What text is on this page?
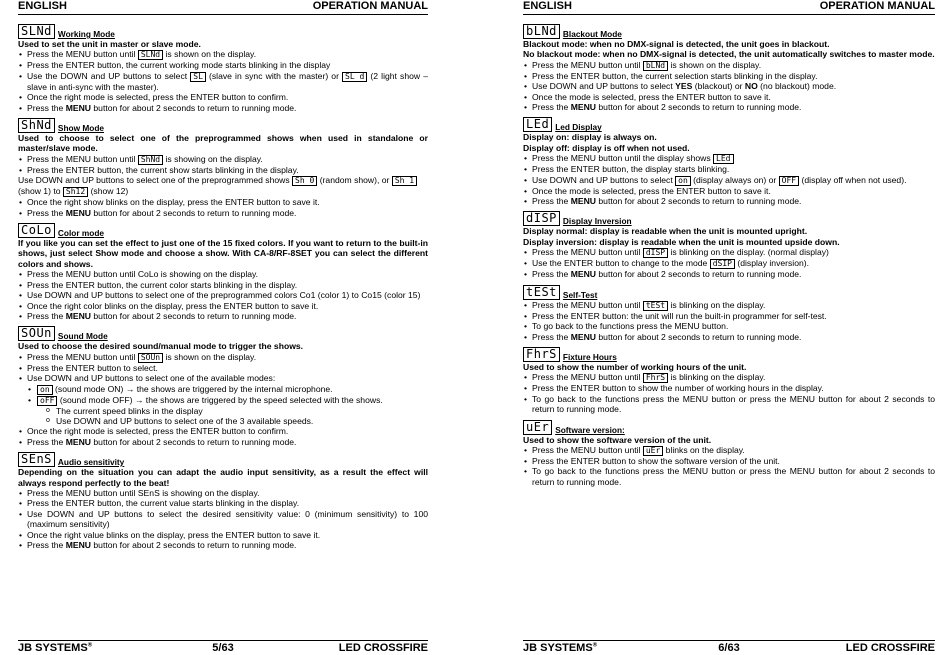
ENGLISH	OPERATION MANUAL
SLNd Working Mode
Used to set the unit in master or slave mode.
• Press the MENU button until SLNd is shown on the display.
• Press the ENTER button, the current working mode starts blinking in the display
• Use the DOWN and UP buttons to select SL (slave in sync with the master) or SL d (2 light show – slave in anti-sync with the master).
• Once the right mode is selected, press the ENTER button to confirm.
• Press the MENU button for about 2 seconds to return to running mode.
ShNd Show Mode
Used to choose to select one of the preprogrammed shows when used in standalone or master/slave mode.
• Press the MENU button until ShNd is showing on the display.
• Press the ENTER button, the current show starts blinking in the display.
Use DOWN and UP buttons to select one of the preprogrammed shows Sh 0 (random show), or Sh 1
(show 1) to Sh12 (show 12)
• Once the right show blinks on the display, press the ENTER button to save it.
• Press the MENU button for about 2 seconds to return to running mode.
CoLo Color mode
If you like you can set the effect to just one of the 15 fixed colors. If you want to return to the built-in shows, just select Show mode and choose a show. With CA-8/RF-8SET you can select the different colors and shows.
• Press the MENU button until CoLo is showing on the display.
• Press the ENTER button, the current color starts blinking in the display.
• Use DOWN and UP buttons to select one of the preprogrammed colors Co1 (color 1) to Co15 (color 15)
• Once the right color blinks on the display, press the ENTER button to save it.
• Press the MENU button for about 2 seconds to return to running mode.
SOUn Sound Mode
Used to choose the desired sound/manual mode to trigger the shows.
• Press the MENU button until SOUn is shown on the display.
• Press the ENTER button to select.
• Use DOWN and UP buttons to select one of the available modes:
• on (sound mode ON) → the shows are triggered by the internal microphone.
• oFF (sound mode OFF) → the shows are triggered by the speed selected with the shows.
o The current speed blinks in the display
o Use DOWN and UP buttons to select one of the 3 available speeds.
• Once the right mode is selected, press the ENTER button to confirm.
• Press the MENU button for about 2 seconds to return to running mode.
SEnS Audio sensitivity
Depending on the situation you can adapt the audio input sensitivity, as a result the effect will always respond perfectly to the beat!
• Press the MENU button until SEnS is showing on the display.
• Press the ENTER button, the current value starts blinking in the display.
• Use DOWN and UP buttons to select the desired sensitivity value: 0 (minimum sensitivity) to 100 (maximum sensitivity)
• Once the right value blinks on the display, press the ENTER button to save it.
• Press the MENU button for about 2 seconds to return to running mode.
JB SYSTEMS®	5/63	LED CROSSFIRE
ENGLISH	OPERATION MANUAL
bLNd Blackout Mode
Blackout mode: when no DMX-signal is detected, the unit goes in blackout.
No blackout mode: when no DMX-signal is detected, the unit automatically switches to master mode.
• Press the MENU button until bLNd is shown on the display.
• Press the ENTER button, the current selection starts blinking in the display.
• Use DOWN and UP buttons to select YES (blackout) or NO (no blackout) mode.
• Once the mode is selected, press the ENTER button to save it.
• Press the MENU button for about 2 seconds to return to running mode.
LEd Led Display
Display on: display is always on.
Display off: display is off when not used.
• Press the MENU button until the display shows LEd
• Press the ENTER button, the display starts blinking.
• Use DOWN and UP buttons to select on (display always on) or OFF (display off when not used).
• Once the mode is selected, press the ENTER button to save it.
• Press the MENU button for about 2 seconds to return to running mode.
dISP Display Inversion
Display normal: display is readable when the unit is mounted upright.
Display inversion: display is readable when the unit is mounted upside down.
• Press the MENU button until dISP is blinking on the display. (normal display)
• Use the ENTER button to change to the mode dSIP (display inversion).
• Press the MENU button for about 2 seconds to return to running mode.
tESt Self-Test
• Press the MENU button until tESt is blinking on the display.
• Press the ENTER button: the unit will run the built-in programmer for self-test.
• To go back to the functions press the MENU button.
• Press the MENU button for about 2 seconds to return to running mode.
FhrS Fixture Hours
Used to show the number of working hours of the unit.
• Press the MENU button until FhrS is blinking on the display.
• Press the ENTER button to show the number of working hours in the display.
• To go back to the functions press the MENU button or press the MENU button for about 2 seconds to return to running mode.
uEr Software version:
Used to show the software version of the unit.
• Press the MENU button until uEr blinks on the display.
• Press the ENTER button to show the software version of the unit.
• To go back to the functions press the MENU button or press the MENU button for about 2 seconds to return to running mode.
JB SYSTEMS®	6/63	LED CROSSFIRE
